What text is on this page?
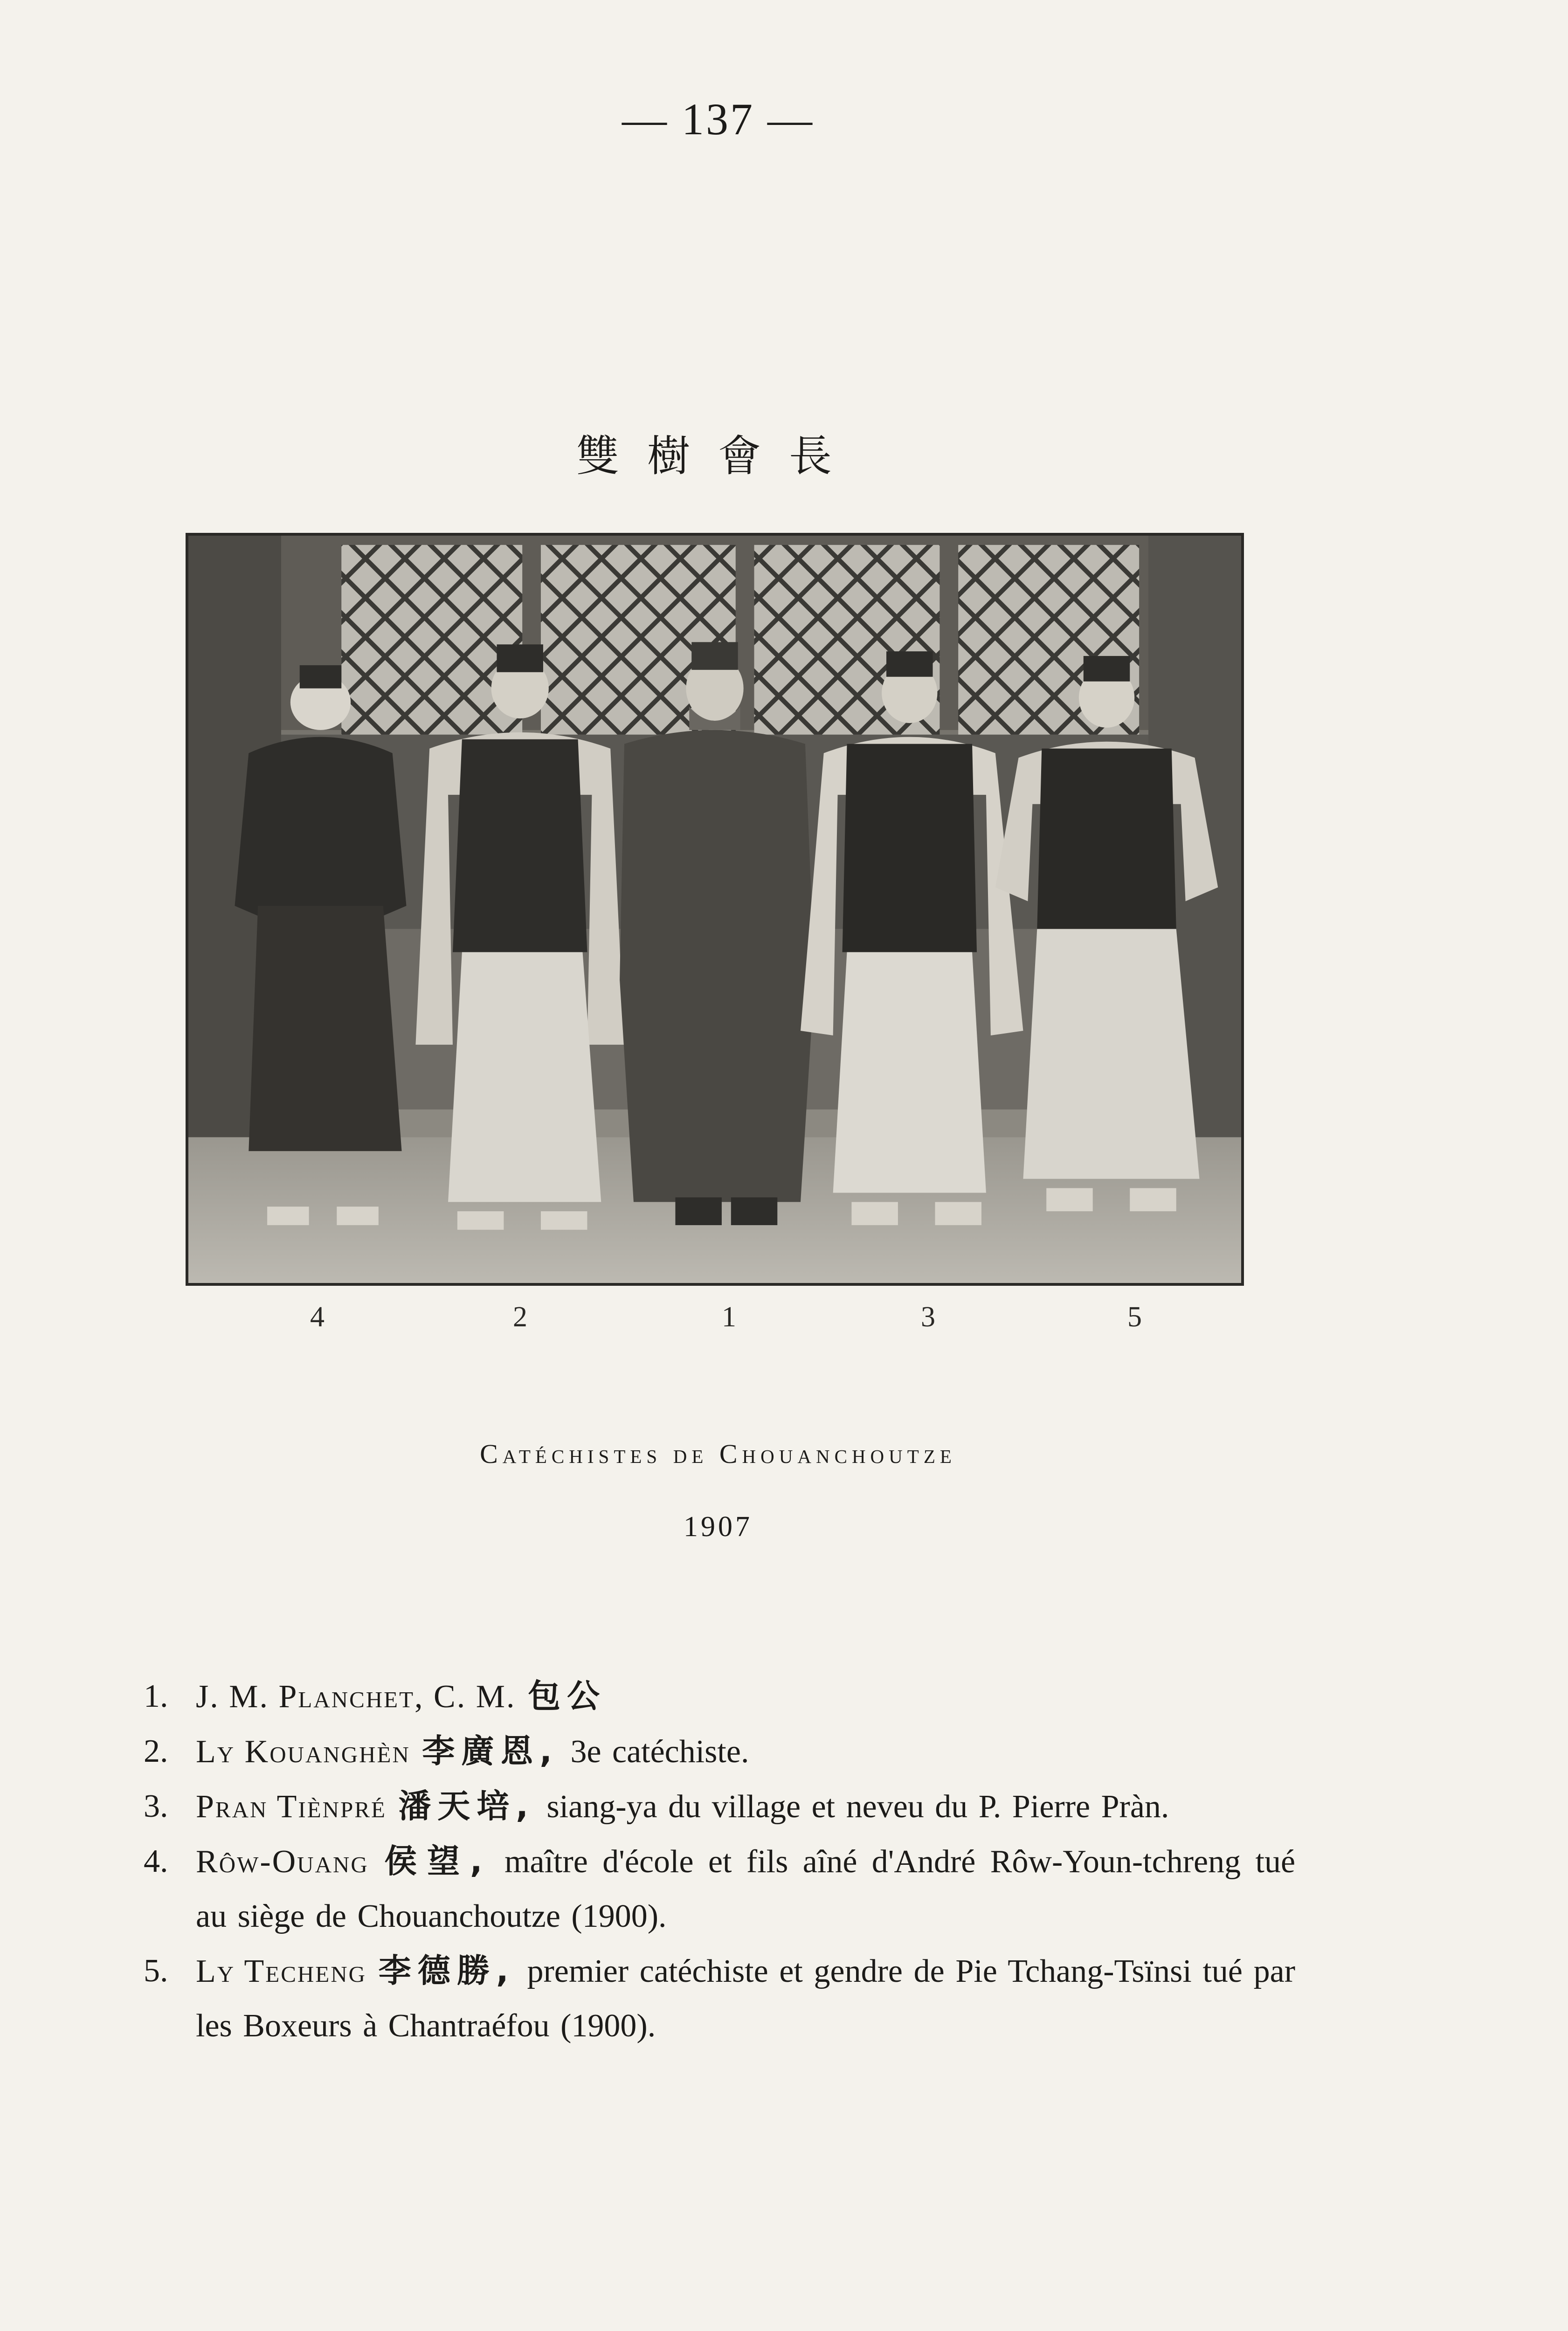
— 137 —
雙樹會長
4	2	1	3	5
Catéchistes de Chouanchoutze
1907
1. J. M. Planchet, C. M. 包公
2. Ly Kouanghèn 李廣恩, 3e catéchiste.
3. Pran Tiènpré 潘天培, siang-ya du village et neveu du P. Pierre Pràn.
4. Rôw-Ouang 侯望, maître d'école et fils aîné d'André Rôw-Youn-tchreng tué au siège de Chouanchoutze (1900).
5. Ly Techeng 李德勝, premier catéchiste et gendre de Pie Tchang-Tsïnsi tué par les Boxeurs à Chantraéfou (1900).
